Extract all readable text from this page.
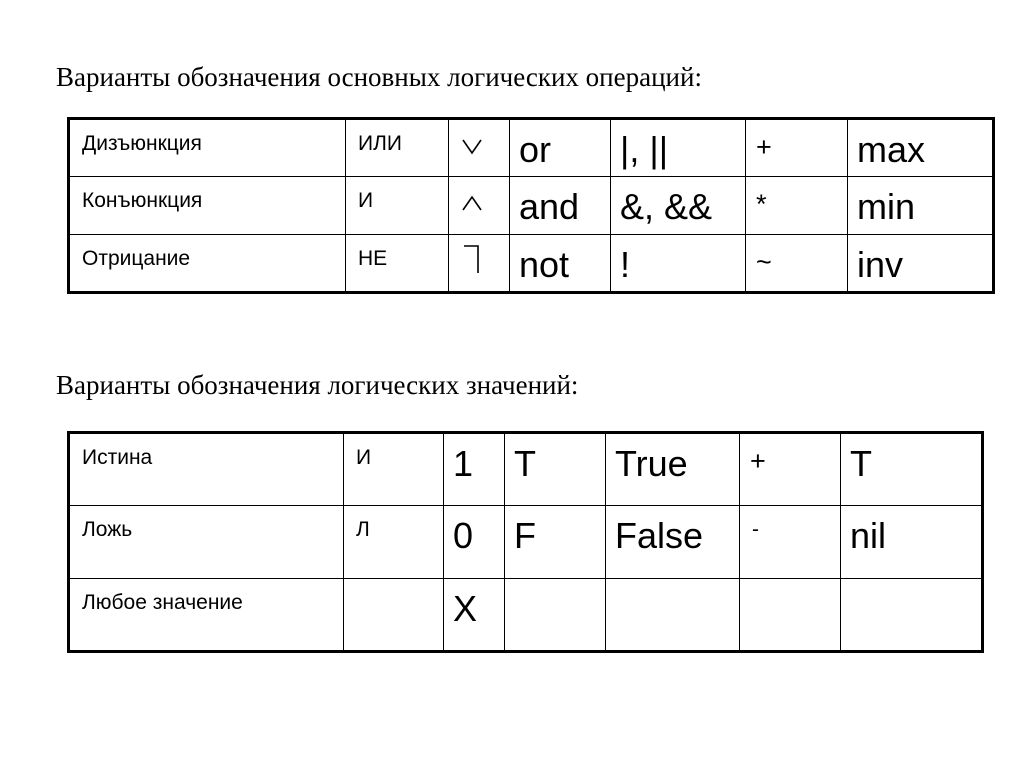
Варианты обозначения основных логических операций:
Дизъюнкция	ИЛИ		or	|, ||	+	max

Конъюнкция	И		and	&, &&	*	min

Отрицание	НЕ		not	!	~	inv
Варианты обозначения логических значений:
Истина	И	1	T	True	+	T

Ложь	Л	0	F	False	-	nil

Любое значение		X				
